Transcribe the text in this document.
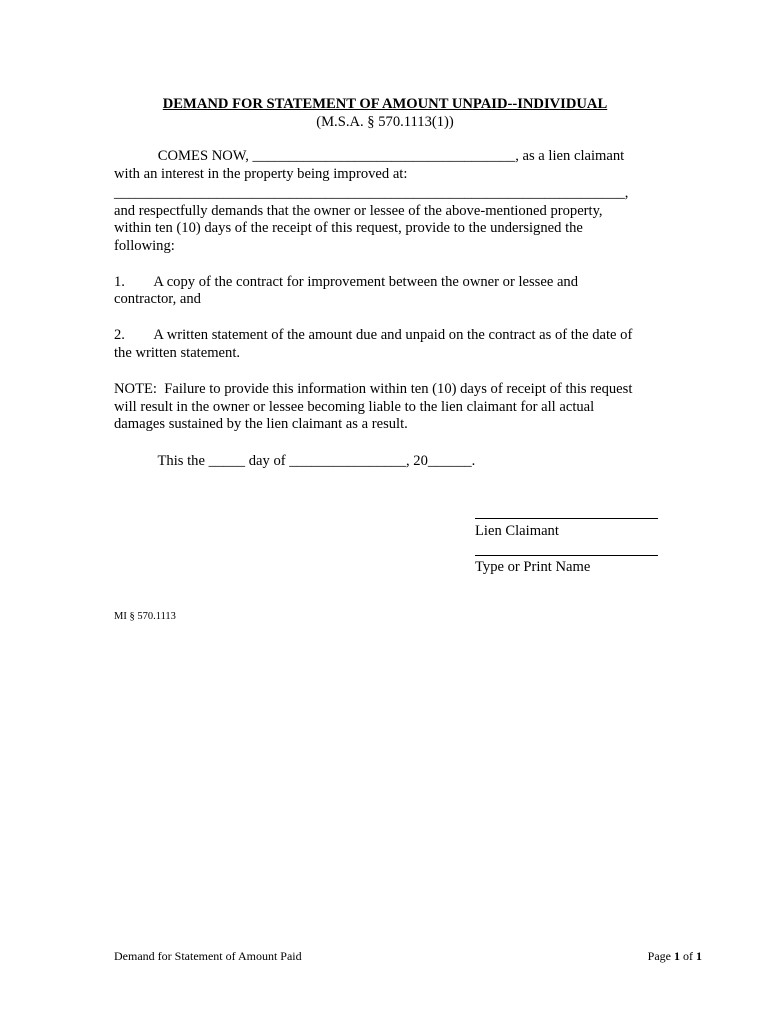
DEMAND FOR STATEMENT OF AMOUNT UNPAID--INDIVIDUAL
(M.S.A. § 570.1113(1))
COMES NOW, ____________________________________, as a lien claimant
with an interest in the property being improved at:
______________________________________________________________________,
and respectfully demands that the owner or lessee of the above-mentioned property,
within ten (10) days of the receipt of this request, provide to the undersigned the
following:
1.        A copy of the contract for improvement between the owner or lessee and
contractor, and
2.        A written statement of the amount due and unpaid on the contract as of the date of
the written statement.
NOTE:  Failure to provide this information within ten (10) days of receipt of this request
will result in the owner or lessee becoming liable to the lien claimant for all actual
damages sustained by the lien claimant as a result.
This the _____ day of ________________, 20______.
Lien Claimant
Type or Print Name
MI § 570.1113
Demand for Statement of Amount Paid	Page 1 of 1
